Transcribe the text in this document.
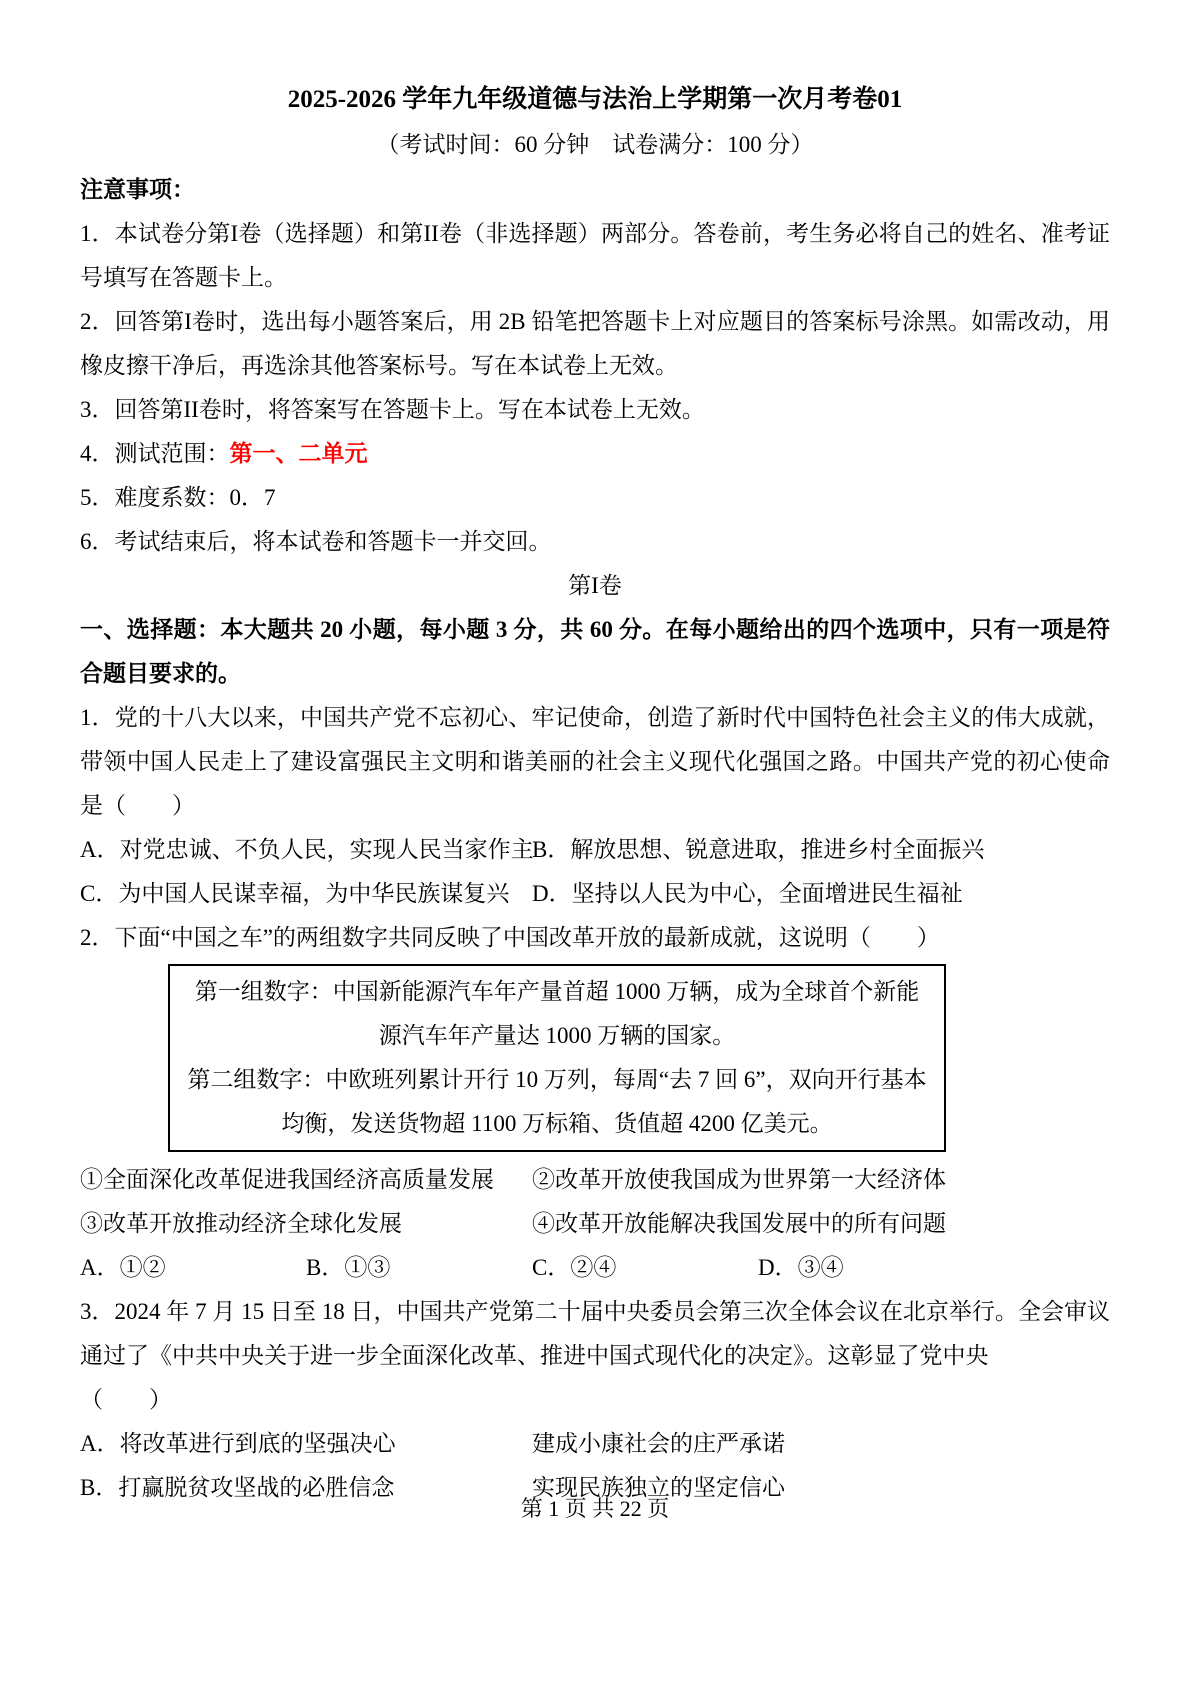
2025-2026 学年九年级道德与法治上学期第一次月考卷01
（考试时间：60 分钟　试卷满分：100 分）
注意事项：

1．本试卷分第I卷（选择题）和第II卷（非选择题）两部分。答卷前，考生务必将自己的姓名、准考证号填写在答题卡上。

2．回答第I卷时，选出每小题答案后，用 2B 铅笔把答题卡上对应题目的答案标号涂黑。如需改动，用橡皮擦干净后，再选涂其他答案标号。写在本试卷上无效。

3．回答第II卷时，将答案写在答题卡上。写在本试卷上无效。

4．测试范围：第一、二单元

5．难度系数：0．7

6．考试结束后，将本试卷和答题卡一并交回。

第I卷

一、选择题：本大题共 20 小题，每小题 3 分，共 60 分。在每小题给出的四个选项中，只有一项是符合题目要求的。

1．党的十八大以来，中国共产党不忘初心、牢记使命，创造了新时代中国特色社会主义的伟大成就，带领中国人民走上了建设富强民主文明和谐美丽的社会主义现代化强国之路。中国共产党的初心使命是（　　）

A．对党忠诚、不负人民，实现人民当家作主
B．解放思想、锐意进取，推进乡村全面振兴
C．为中国人民谋幸福，为中华民族谋复兴 D．坚持以人民为中心，全面增进民生福祉

2．下面“中国之车”的两组数字共同反映了中国改革开放的最新成就，这说明（　　）

第一组数字：中国新能源汽车年产量首超 1000 万辆，成为全球首个新能源汽车年产量达 1000 万辆的国家。

第二组数字：中欧班列累计开行 10 万列，每周“去 7 回 6”，双向开行基本均衡，发送货物超 1100 万标箱、货值超 4200 亿美元。

①全面深化改革促进我国经济高质量发展	②改革开放使我国成为世界第一大经济体
③改革开放推动经济全球化发展	④改革开放能解决我国发展中的所有问题
A．①②	B．①③	C．②④	D．③④

3．2024 年 7 月 15 日至 18 日，中国共产党第二十届中央委员会第三次全体会议在北京举行。全会审议通过了《中共中央关于进一步全面深化改革、推进中国式现代化的决定》。这彰显了党中央

（　　）

A．将改革进行到底的坚强决心	建成小康社会的庄严承诺
B．打赢脱贫攻坚战的必胜信念	实现民族独立的坚定信心
第 1 页 共 22 页
